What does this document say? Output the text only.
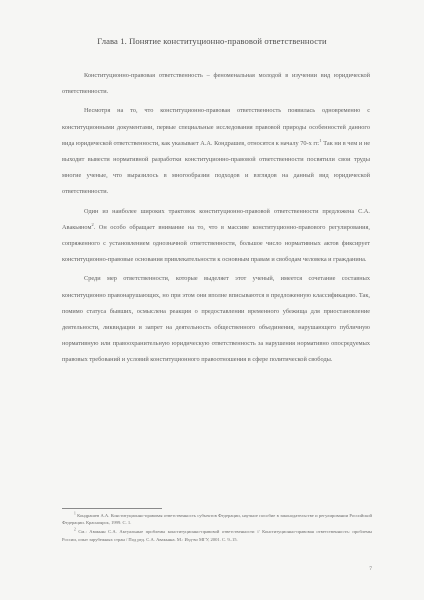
Глава 1. Понятие конституционно-правовой ответственности

Конституционно-правовая ответственность – феноменальная молодой в изучении вид юридической ответственности.

Несмотря на то, что конституционно-правовая ответственность появилась одновременно с конституционными документами, первые специальные исследования правовой природы особенностей данного вида юридической ответственности, как указывает А.А. Кондрашев, относятся к началу 70-х гг.$^1$ Так ни в чем и не выходит вывести нормативной разработки конституционно-правовой ответственности посвятили свои труды многие ученые, что выразилось в многообразии подходов и взглядов на данный вид юридической ответственности.

Один из наиболее широких трактовок конституционно-правовой ответственности предложена С.А. Авакьяном$^2$. Он особо обращает внимание на то, что в массиве конституционно-правового регулирования, сопряженного с установлением однозначной ответственности, большое число нормативных актов фиксирует конституционно-правовые основания привлекательности к основным правам и свободам человека и гражданина.

Среди мер ответственности, которые выделяет этот ученый, имеется сочетание составных конституционно правонарушающих, но при этом они вполне вписываются в предложенную классификацию. Так, помимо статуса бывших, осмыслена реакция о предоставлении временного убежища для приостановление деятельности, ликвидации и запрет на деятельность общественного объединения, нарушающего публичную нормативную или правоохранительную юридическую ответственность за нарушения нормативно опосредуемых правовых требований и условий конституционного правоотношения в сфере политической свободы.

$^1$ Кондрашев А.А. Конституционно-правовая ответственность субъектов Федерации, научное пособие в законодательстве и регулировании Российской Федерации. Красноярск, 1999. С. 1.

$^2$ См.: Авакьян С.А. Актуальные проблемы конституционно-правовой ответственности // Конституционно-правовая ответственность: проблемы России, опыт зарубежных стран / Под ред. С.А. Авакьяна. М.: Изд-во МГУ, 2001. С. 9–15.

7
